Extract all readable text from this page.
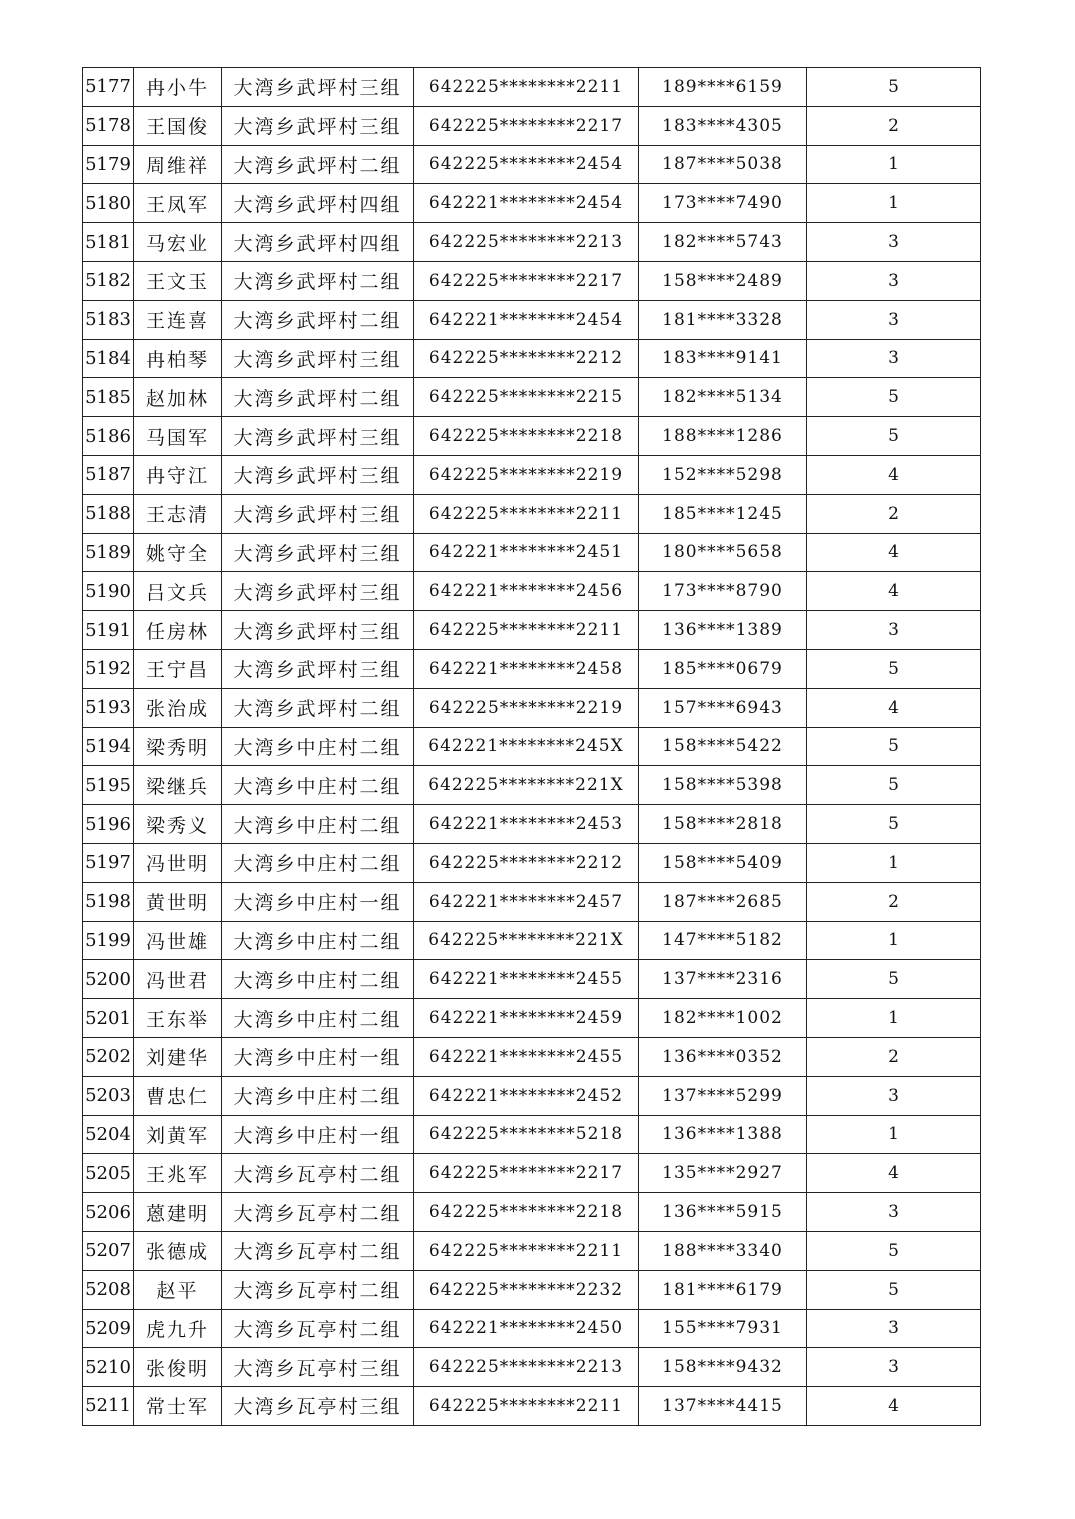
5177	冉小牛	大湾乡武坪村三组	642225********2211	189****6159	5
5178	王国俊	大湾乡武坪村三组	642225********2217	183****4305	2
5179	周维祥	大湾乡武坪村二组	642225********2454	187****5038	1
5180	王凤军	大湾乡武坪村四组	642221********2454	173****7490	1
5181	马宏业	大湾乡武坪村四组	642225********2213	182****5743	3
5182	王文玉	大湾乡武坪村二组	642225********2217	158****2489	3
5183	王连喜	大湾乡武坪村二组	642221********2454	181****3328	3
5184	冉柏琴	大湾乡武坪村三组	642225********2212	183****9141	3
5185	赵加林	大湾乡武坪村二组	642225********2215	182****5134	5
5186	马国军	大湾乡武坪村三组	642225********2218	188****1286	5
5187	冉守江	大湾乡武坪村三组	642225********2219	152****5298	4
5188	王志清	大湾乡武坪村三组	642225********2211	185****1245	2
5189	姚守全	大湾乡武坪村三组	642221********2451	180****5658	4
5190	吕文兵	大湾乡武坪村三组	642221********2456	173****8790	4
5191	任房林	大湾乡武坪村三组	642225********2211	136****1389	3
5192	王宁昌	大湾乡武坪村三组	642221********2458	185****0679	5
5193	张治成	大湾乡武坪村二组	642225********2219	157****6943	4
5194	梁秀明	大湾乡中庄村二组	642221********245X	158****5422	5
5195	梁继兵	大湾乡中庄村二组	642225********221X	158****5398	5
5196	梁秀义	大湾乡中庄村二组	642221********2453	158****2818	5
5197	冯世明	大湾乡中庄村二组	642225********2212	158****5409	1
5198	黄世明	大湾乡中庄村一组	642221********2457	187****2685	2
5199	冯世雄	大湾乡中庄村二组	642225********221X	147****5182	1
5200	冯世君	大湾乡中庄村二组	642221********2455	137****2316	5
5201	王东举	大湾乡中庄村二组	642221********2459	182****1002	1
5202	刘建华	大湾乡中庄村一组	642221********2455	136****0352	2
5203	曹忠仁	大湾乡中庄村二组	642221********2452	137****5299	3
5204	刘黄军	大湾乡中庄村一组	642225********5218	136****1388	1
5205	王兆军	大湾乡瓦亭村二组	642225********2217	135****2927	4
5206	蒽建明	大湾乡瓦亭村二组	642225********2218	136****5915	3
5207	张德成	大湾乡瓦亭村二组	642225********2211	188****3340	5
5208	赵平	大湾乡瓦亭村二组	642225********2232	181****6179	5
5209	虎九升	大湾乡瓦亭村二组	642221********2450	155****7931	3
5210	张俊明	大湾乡瓦亭村三组	642225********2213	158****9432	3
5211	常士军	大湾乡瓦亭村三组	642225********2211	137****4415	4
